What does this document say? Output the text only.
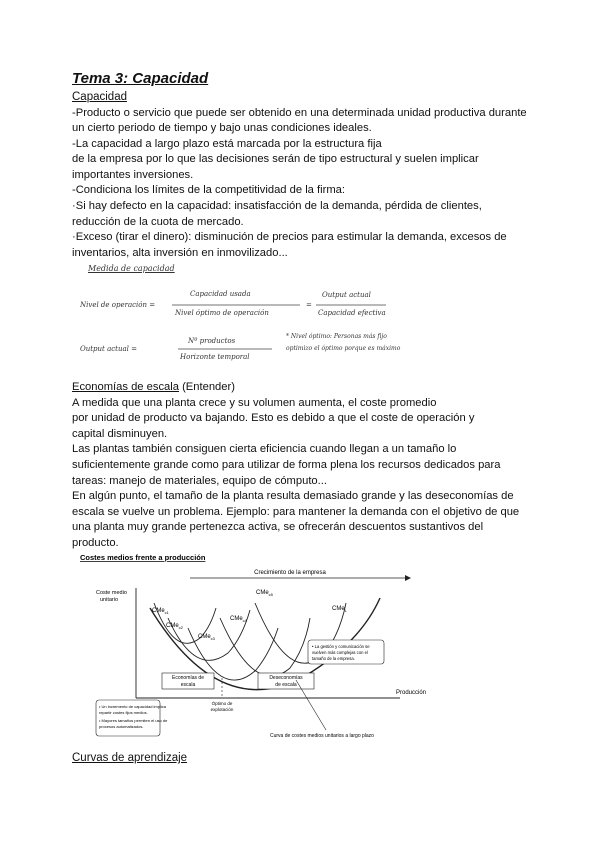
Tema 3: Capacidad
Capacidad
-Producto o servicio que puede ser obtenido en una determinada unidad productiva durante
un cierto periodo de tiempo y bajo unas condiciones ideales.
-La capacidad a largo plazo está marcada por la estructura fija
de la empresa por lo que las decisiones serán de tipo estructural y suelen implicar
importantes inversiones.
-Condiciona los límites de la competitividad de la firma:
·Si hay defecto en la capacidad: insatisfacción de la demanda, pérdida de clientes,
reducción de la cuota de mercado.
·Exceso (tirar el dinero): disminución de precios para estimular la demanda, excesos de
inventarios, alta inversión en inmovilizado...
Medida de capacidad
Nivel de operación =
Capacidad usada
Nivel óptimo de operación
=
Output actual
Capacidad efectiva
Output actual =
Nº productos
Horizonte temporal
* Nivel óptimo: Personas más fijo
optimizo el óptimo porque es máximo
Economías de escala (Entender)
A medida que una planta crece y su volumen aumenta, el coste promedio
por unidad de producto va bajando. Esto es debido a que el coste de operación y
capital disminuyen.
Las plantas también consiguen cierta eficiencia cuando llegan a un tamaño lo
suficientemente grande como para utilizar de forma plena los recursos dedicados para
tareas: manejo de materiales, equipo de cómputo...
En algún punto, el tamaño de la planta resulta demasiado grande y las deseconomías de
escala se vuelve un problema. Ejemplo: para mantener la demanda con el objetivo de que
una planta muy grande pertenezca activa, se ofrecerán descuentos sustantivos del
producto.
Costes medios frente a producción
Crecimiento de la empresa
Coste medio
unitario
Producción
CMe$_{c1}$
CMe$_{c2}$
CMe$_{c3}$
CMe$_{c4}$
CMe$_{c5}$
CMe$_L$
Economías de
escala
Deseconomías
de escala
Óptimo de
explotación
Curva de costes medios unitarios a largo plazo
• La gestión y comunicación se
vuelven más complejas con el
tamaño de la empresa.
• Un incremento de capacidad implica
repartir costes fijos medios.
• Mayores tamaños permiten el uso de
procesos automatizados.
Curvas de aprendizaje
